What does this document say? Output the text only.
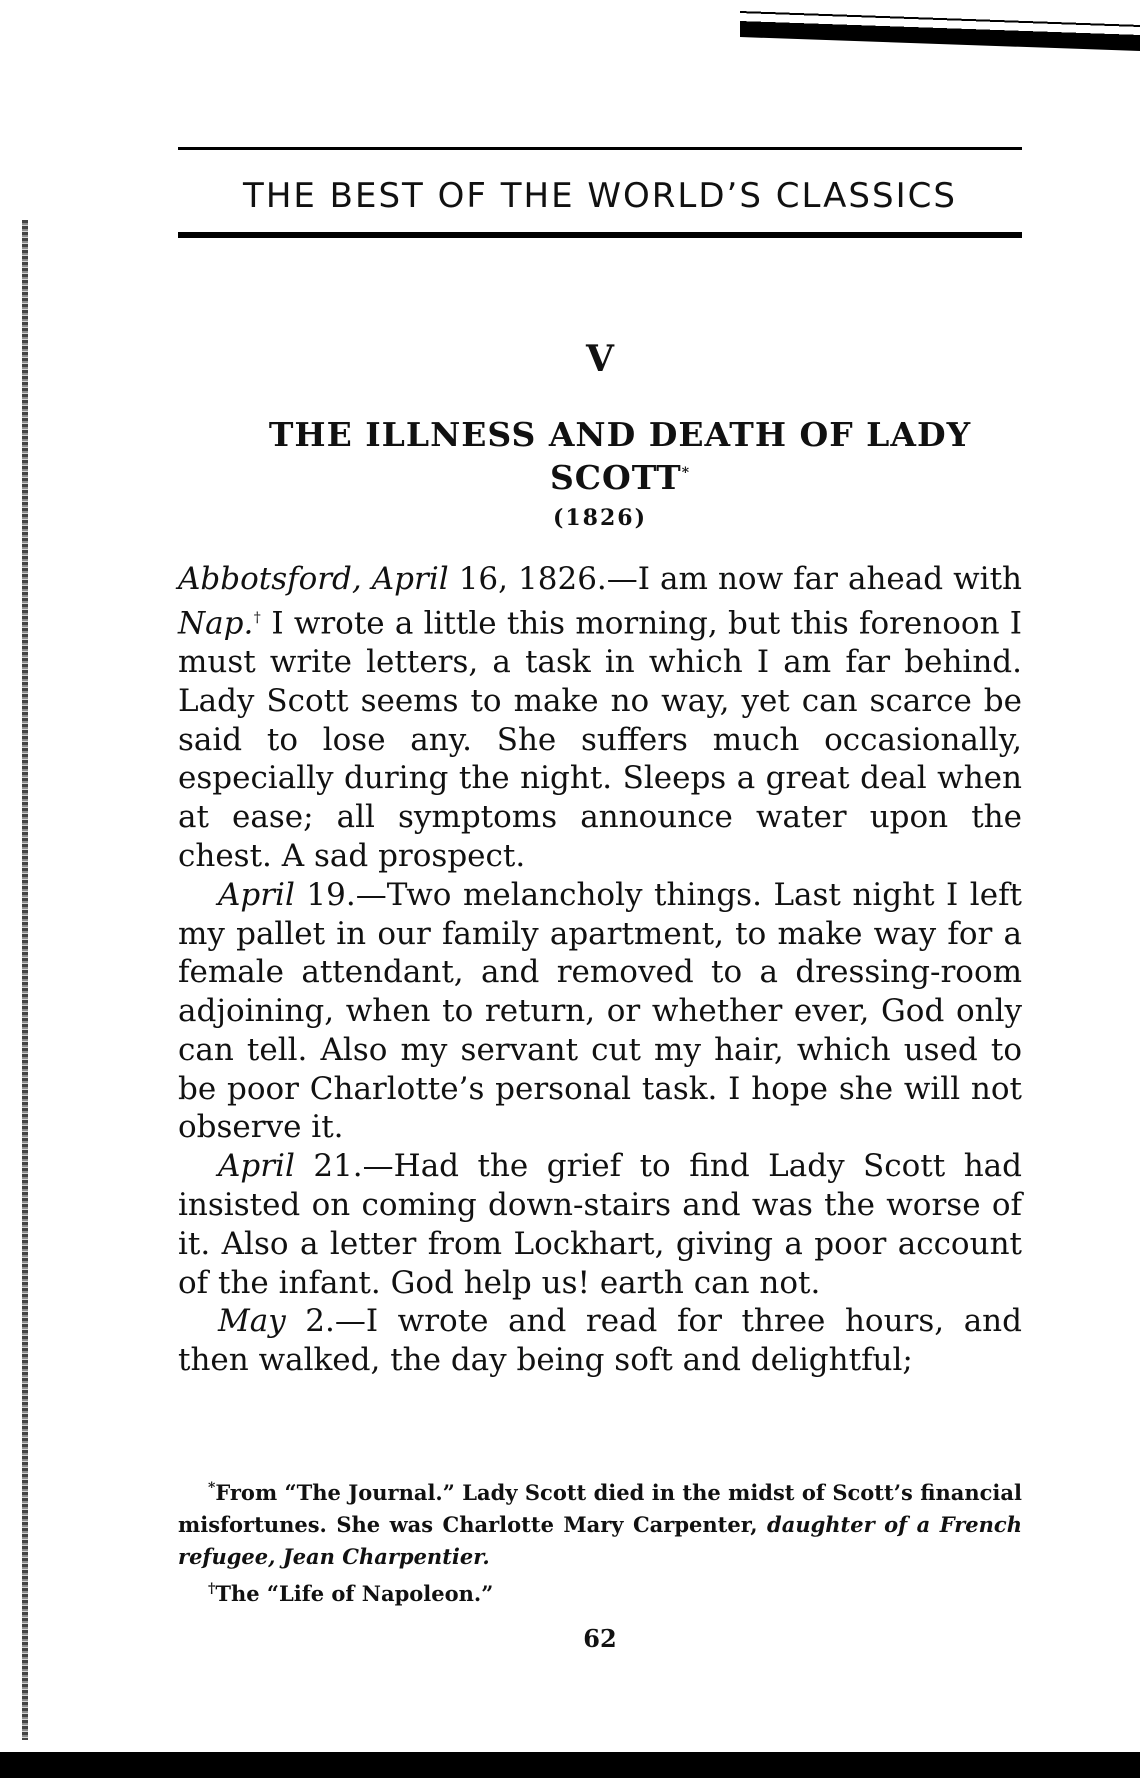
THE BEST OF THE WORLD’S CLASSICS
V
THE ILLNESS AND DEATH OF LADY SCOTT*
(1826)

Abbotsford, April 16, 1826.—I am now far ahead with Nap.† I wrote a little this morning, but this forenoon I must write letters, a task in which I am far behind. Lady Scott seems to make no way, yet can scarce be said to lose any. She suffers much occasionally, especially during the night. Sleeps a great deal when at ease; all symptoms announce water upon the chest. A sad prospect.

April 19.—Two melancholy things. Last night I left my pallet in our family apartment, to make way for a female attendant, and removed to a dressing-room adjoining, when to return, or whether ever, God only can tell. Also my servant cut my hair, which used to be poor Charlotte’s personal task. I hope she will not observe it.

April 21.—Had the grief to find Lady Scott had insisted on coming down-stairs and was the worse of it. Also a letter from Lockhart, giving a poor account of the infant. God help us! earth can not.

May 2.—I wrote and read for three hours, and then walked, the day being soft and delightful;

*From “The Journal.” Lady Scott died in the midst of Scott’s financial misfortunes. She was Charlotte Mary Carpenter, daughter of a French refugee, Jean Charpentier.

†The “Life of Napoleon.”

62
